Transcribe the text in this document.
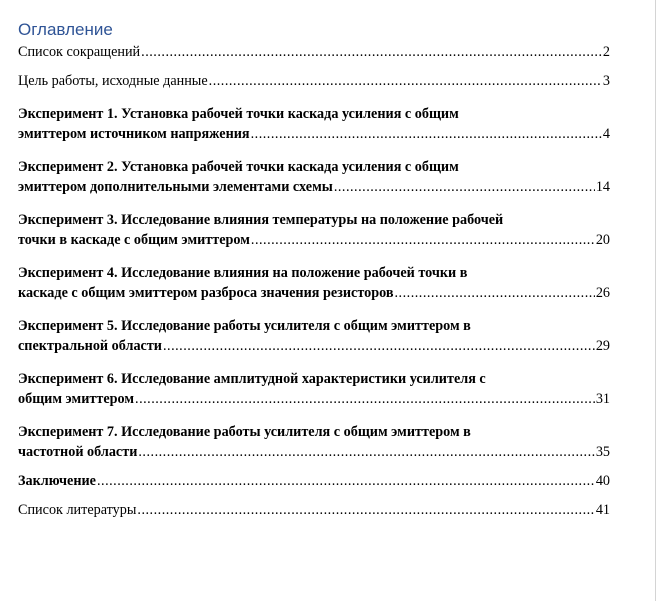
Оглавление
Список сокращений .....	2
Цель работы, исходные данные .....	3
Эксперимент 1. Установка рабочей точки каскада усиления с общим
эмиттером источником напряжения .....	4
Эксперимент 2. Установка рабочей точки каскада усиления с общим
эмиттером дополнительными элементами схемы .....	14
Эксперимент 3. Исследование влияния температуры на положение рабочей
точки в каскаде с общим эмиттером .....	20
Эксперимент 4. Исследование влияния на положение рабочей точки в
каскаде с общим эмиттером разброса значения резисторов .....	26
Эксперимент 5. Исследование работы усилителя с общим эмиттером в
спектральной области .....	29
Эксперимент 6. Исследование амплитудной характеристики усилителя с
общим эмиттером .....	31
Эксперимент 7. Исследование работы усилителя с общим эмиттером в
частотной области .....	35
Заключение .....	40
Список литературы .....	41
